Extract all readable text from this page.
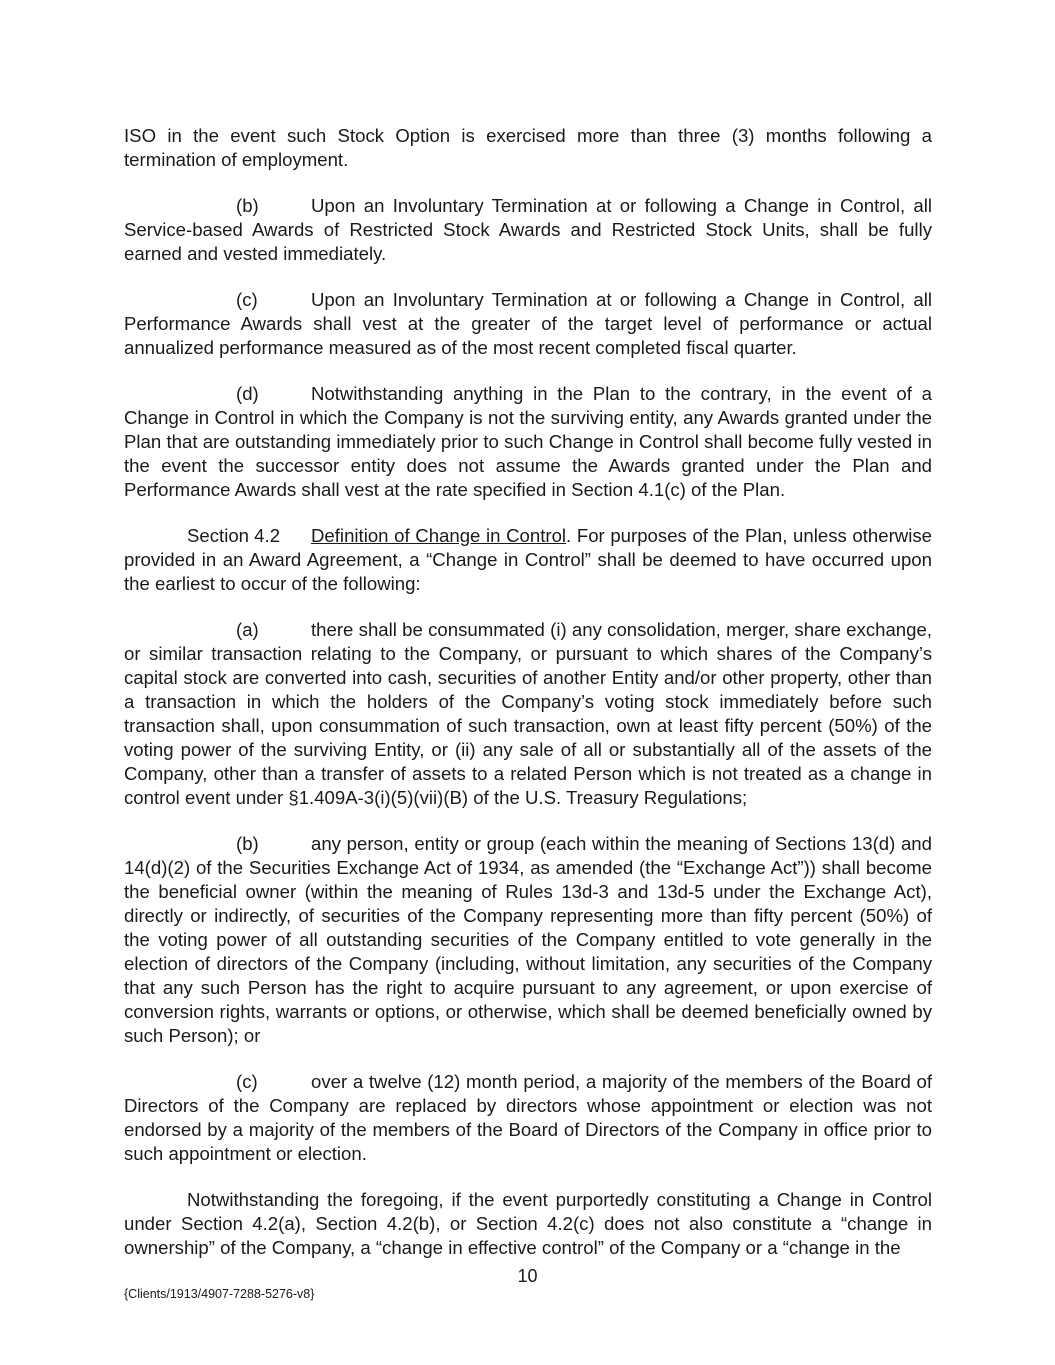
ISO in the event such Stock Option is exercised more than three (3) months following a termination of employment.

(b)	Upon an Involuntary Termination at or following a Change in Control, all Service-based Awards of Restricted Stock Awards and Restricted Stock Units, shall be fully earned and vested immediately.

(c)	Upon an Involuntary Termination at or following a Change in Control, all Performance Awards shall vest at the greater of the target level of performance or actual annualized performance measured as of the most recent completed fiscal quarter.

(d)	Notwithstanding anything in the Plan to the contrary, in the event of a Change in Control in which the Company is not the surviving entity, any Awards granted under the Plan that are outstanding immediately prior to such Change in Control shall become fully vested in the event the successor entity does not assume the Awards granted under the Plan and Performance Awards shall vest at the rate specified in Section 4.1(c) of the Plan.

Section 4.2 Definition of Change in Control. For purposes of the Plan, unless otherwise provided in an Award Agreement, a “Change in Control” shall be deemed to have occurred upon the earliest to occur of the following:

(a)	there shall be consummated (i) any consolidation, merger, share exchange, or similar transaction relating to the Company, or pursuant to which shares of the Company’s capital stock are converted into cash, securities of another Entity and/or other property, other than a transaction in which the holders of the Company’s voting stock immediately before such transaction shall, upon consummation of such transaction, own at least fifty percent (50%) of the voting power of the surviving Entity, or (ii) any sale of all or substantially all of the assets of the Company, other than a transfer of assets to a related Person which is not treated as a change in control event under §1.409A-3(i)(5)(vii)(B) of the U.S. Treasury Regulations;

(b)	any person, entity or group (each within the meaning of Sections 13(d) and 14(d)(2) of the Securities Exchange Act of 1934, as amended (the “Exchange Act”)) shall become the beneficial owner (within the meaning of Rules 13d-3 and 13d-5 under the Exchange Act), directly or indirectly, of securities of the Company representing more than fifty percent (50%) of the voting power of all outstanding securities of the Company entitled to vote generally in the election of directors of the Company (including, without limitation, any securities of the Company that any such Person has the right to acquire pursuant to any agreement, or upon exercise of conversion rights, warrants or options, or otherwise, which shall be deemed beneficially owned by such Person); or

(c)	over a twelve (12) month period, a majority of the members of the Board of Directors of the Company are replaced by directors whose appointment or election was not endorsed by a majority of the members of the Board of Directors of the Company in office prior to such appointment or election.

Notwithstanding the foregoing, if the event purportedly constituting a Change in Control under Section 4.2(a), Section 4.2(b), or Section 4.2(c) does not also constitute a “change in ownership” of the Company, a “change in effective control” of the Company or a “change in the

10
{Clients/1913/4907-7288-5276-v8}
